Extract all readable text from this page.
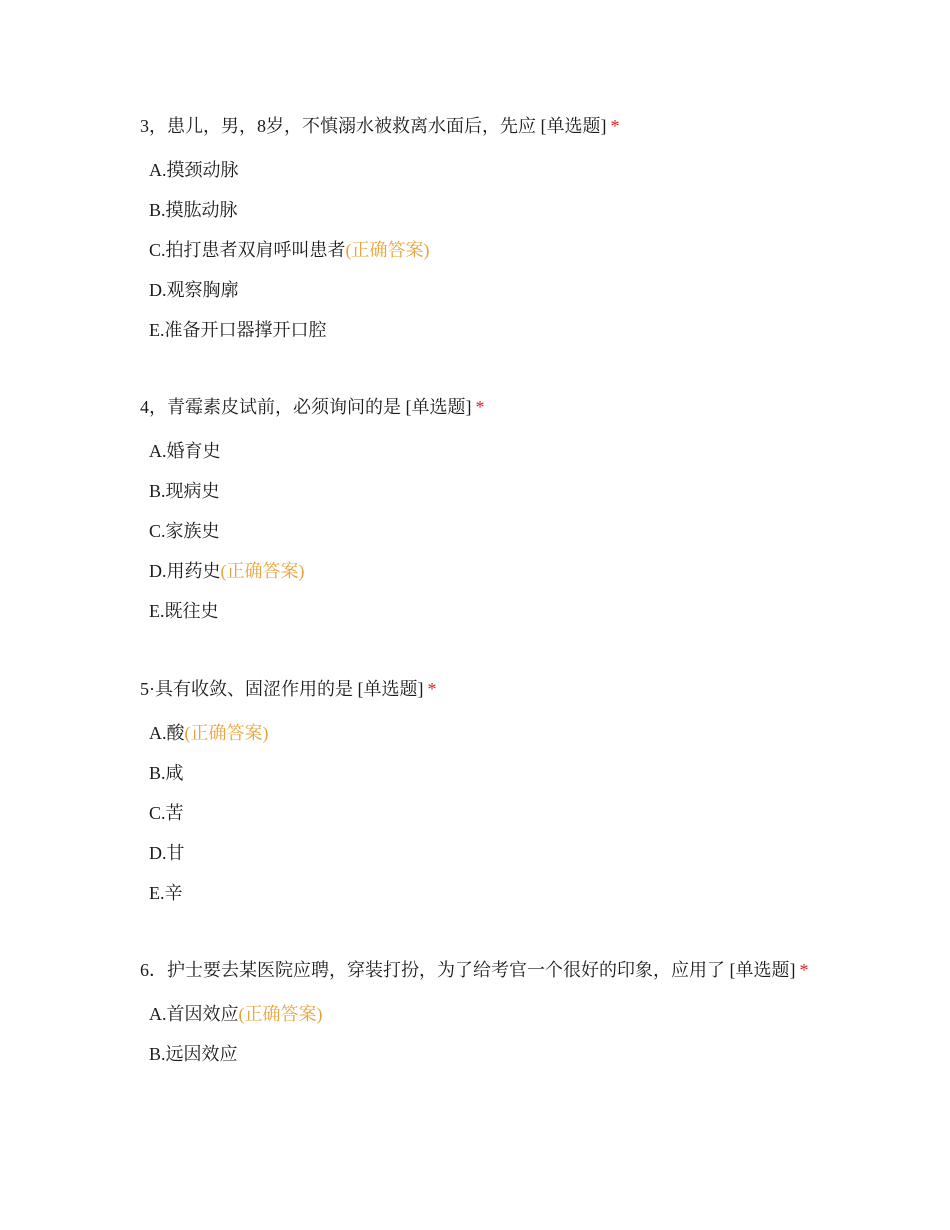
3，患儿，男，8岁，不慎溺水被救离水面后，先应 [单选题] *

A.摸颈动脉
B.摸肱动脉
C.拍打患者双肩呼叫患者(正确答案)
D.观察胸廓
E.准备开口器撑开口腔

4，青霉素皮试前，必须询问的是 [单选题] *

A.婚育史
B.现病史
C.家族史
D.用药史(正确答案)
E.既往史

5·具有收敛、固涩作用的是 [单选题] *

A.酸(正确答案)
B.咸
C.苦
D.甘
E.辛

6．护士要去某医院应聘，穿装打扮，为了给考官一个很好的印象，应用了 [单选题] *

A.首因效应(正确答案)
B.远因效应
